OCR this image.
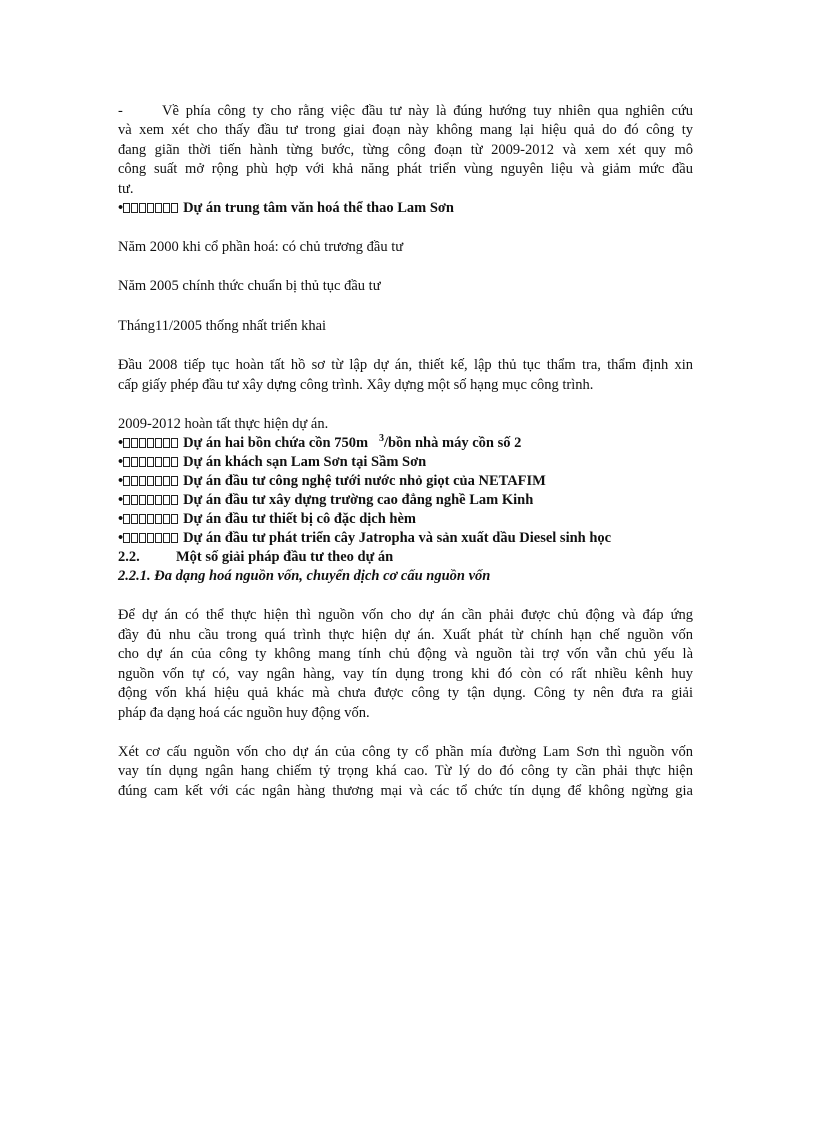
-	Về phía công ty cho rằng việc đầu tư này là đúng hướng tuy nhiên qua nghiên cứu
và xem xét cho thấy đầu tư trong giai đoạn này không mang lại hiệu quả do đó công ty
đang giãn thời tiến hành từng bước, từng công đoạn từ 2009-2012 và xem xét quy mô
công suất mở rộng phù hợp với khả năng phát triển vùng nguyên liệu và giảm mức đầu
tư.

•	Dự án trung tâm văn hoá thể thao Lam Sơn

Năm 2000 khi cổ phần hoá: có chủ trương đầu tư

Năm 2005 chính thức chuẩn bị thủ tục đầu tư

Tháng11/2005 thống nhất triển khai

Đầu 2008 tiếp tục hoàn tất hồ sơ từ lập dự án, thiết kế, lập thủ tục thẩm tra, thẩm định xin
cấp giấy phép đầu tư xây dựng công trình. Xây dựng một số hạng mục công trình.

2009-2012 hoàn tất thực hiện dự án.

•	Dự án hai bồn chứa cồn 750m $^3$/bồn nhà máy cồn số 2

•	Dự án khách sạn Lam Sơn tại Sầm Sơn

•	Dự án đầu tư công nghệ tưới nước nhỏ giọt của NETAFIM

•	Dự án đầu tư xây dựng trường cao đẳng nghề Lam Kinh

•	Dự án đầu tư thiết bị cô đặc dịch hèm

•	Dự án đầu tư phát triển cây Jatropha và sản xuất dầu Diesel sinh học

2.2.	Một số giải pháp đầu tư theo dự án

2.2.1. Đa dạng hoá nguồn vốn, chuyển dịch cơ cấu nguồn vốn

Để dự án có thể thực hiện thì nguồn vốn cho dự án cần phải được chủ động và đáp ứng
đầy đủ nhu cầu trong quá trình thực hiện dự án. Xuất phát từ chính hạn chế nguồn vốn
cho dự án của công ty không mang tính chủ động và nguồn tài trợ vốn vẫn chủ yếu là
nguồn vốn tự có, vay ngân hàng, vay tín dụng trong khi đó còn có rất nhiều kênh huy
động vốn khá hiệu quả khác mà chưa được công ty tận dụng. Công ty nên đưa ra giải
pháp đa dạng hoá các nguồn huy động vốn.

Xét cơ cấu nguồn vốn cho dự án của công ty cổ phần mía đường Lam Sơn thì nguồn vốn
vay tín dụng ngân hang chiếm tỷ trọng khá cao. Từ lý do đó công ty cần phải thực hiện
đúng cam kết với các ngân hàng thương mại và các tổ chức tín dụng để không ngừng gia
